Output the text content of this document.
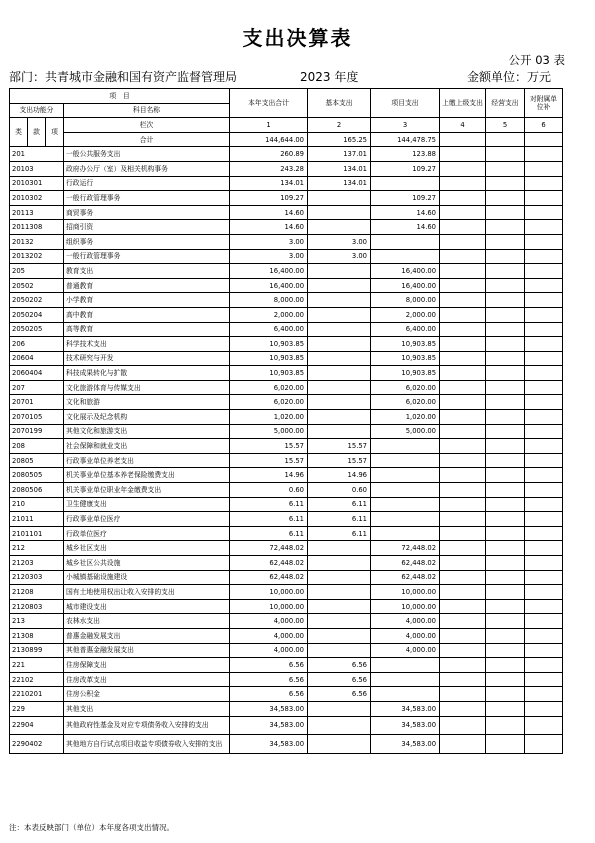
支出决算表
公开 03 表
部门：共青城市金融和国有资产监督管理局	2023 年度	金额单位：万元
项　目				本年支出合计	基本支出	项目支出	上缴上级支出	经营支出	对附属单位补
支出功能分			科目名称						
类	款	项	栏次	1	2	3	4	5	6
			合计	144,644.00	165.25	144,478.75			
201			一般公共服务支出	260.89	137.01	123.88			
20103			政府办公厅（室）及相关机构事务	243.28	134.01	109.27			
2010301			行政运行	134.01	134.01				
2010302			一般行政管理事务	109.27		109.27			
20113			商贸事务	14.60		14.60			
2011308			招商引资	14.60		14.60			
20132			组织事务	3.00	3.00				
2013202			一般行政管理事务	3.00	3.00				
205			教育支出	16,400.00		16,400.00			
20502			普通教育	16,400.00		16,400.00			
2050202			小学教育	8,000.00		8,000.00			
2050204			高中教育	2,000.00		2,000.00			
2050205			高等教育	6,400.00		6,400.00			
206			科学技术支出	10,903.85		10,903.85			
20604			技术研究与开发	10,903.85		10,903.85			
2060404			科技成果转化与扩散	10,903.85		10,903.85			
207			文化旅游体育与传媒支出	6,020.00		6,020.00			
20701			文化和旅游	6,020.00		6,020.00			
2070105			文化展示及纪念机构	1,020.00		1,020.00			
2070199			其他文化和旅游支出	5,000.00		5,000.00			
208			社会保障和就业支出	15.57	15.57				
20805			行政事业单位养老支出	15.57	15.57				
2080505			机关事业单位基本养老保险缴费支出	14.96	14.96				
2080506			机关事业单位职业年金缴费支出	0.60	0.60				
210			卫生健康支出	6.11	6.11				
21011			行政事业单位医疗	6.11	6.11				
2101101			行政单位医疗	6.11	6.11				
212			城乡社区支出	72,448.02		72,448.02			
21203			城乡社区公共设施	62,448.02		62,448.02			
2120303			小城镇基础设施建设	62,448.02		62,448.02			
21208			国有土地使用权出让收入安排的支出	10,000.00		10,000.00			
2120803			城市建设支出	10,000.00		10,000.00			
213			农林水支出	4,000.00		4,000.00			
21308			普惠金融发展支出	4,000.00		4,000.00			
2130899			其他普惠金融发展支出	4,000.00		4,000.00			
221			住房保障支出	6.56	6.56				
22102			住房改革支出	6.56	6.56				
2210201			住房公积金	6.56	6.56				
229			其他支出	34,583.00		34,583.00			
22904			其他政府性基金及对应专项债务收入安排的支出	34,583.00		34,583.00			
2290402			其他地方自行试点项目收益专项债券收入安排的支出	34,583.00		34,583.00			
注：本表反映部门（单位）本年度各项支出情况。
